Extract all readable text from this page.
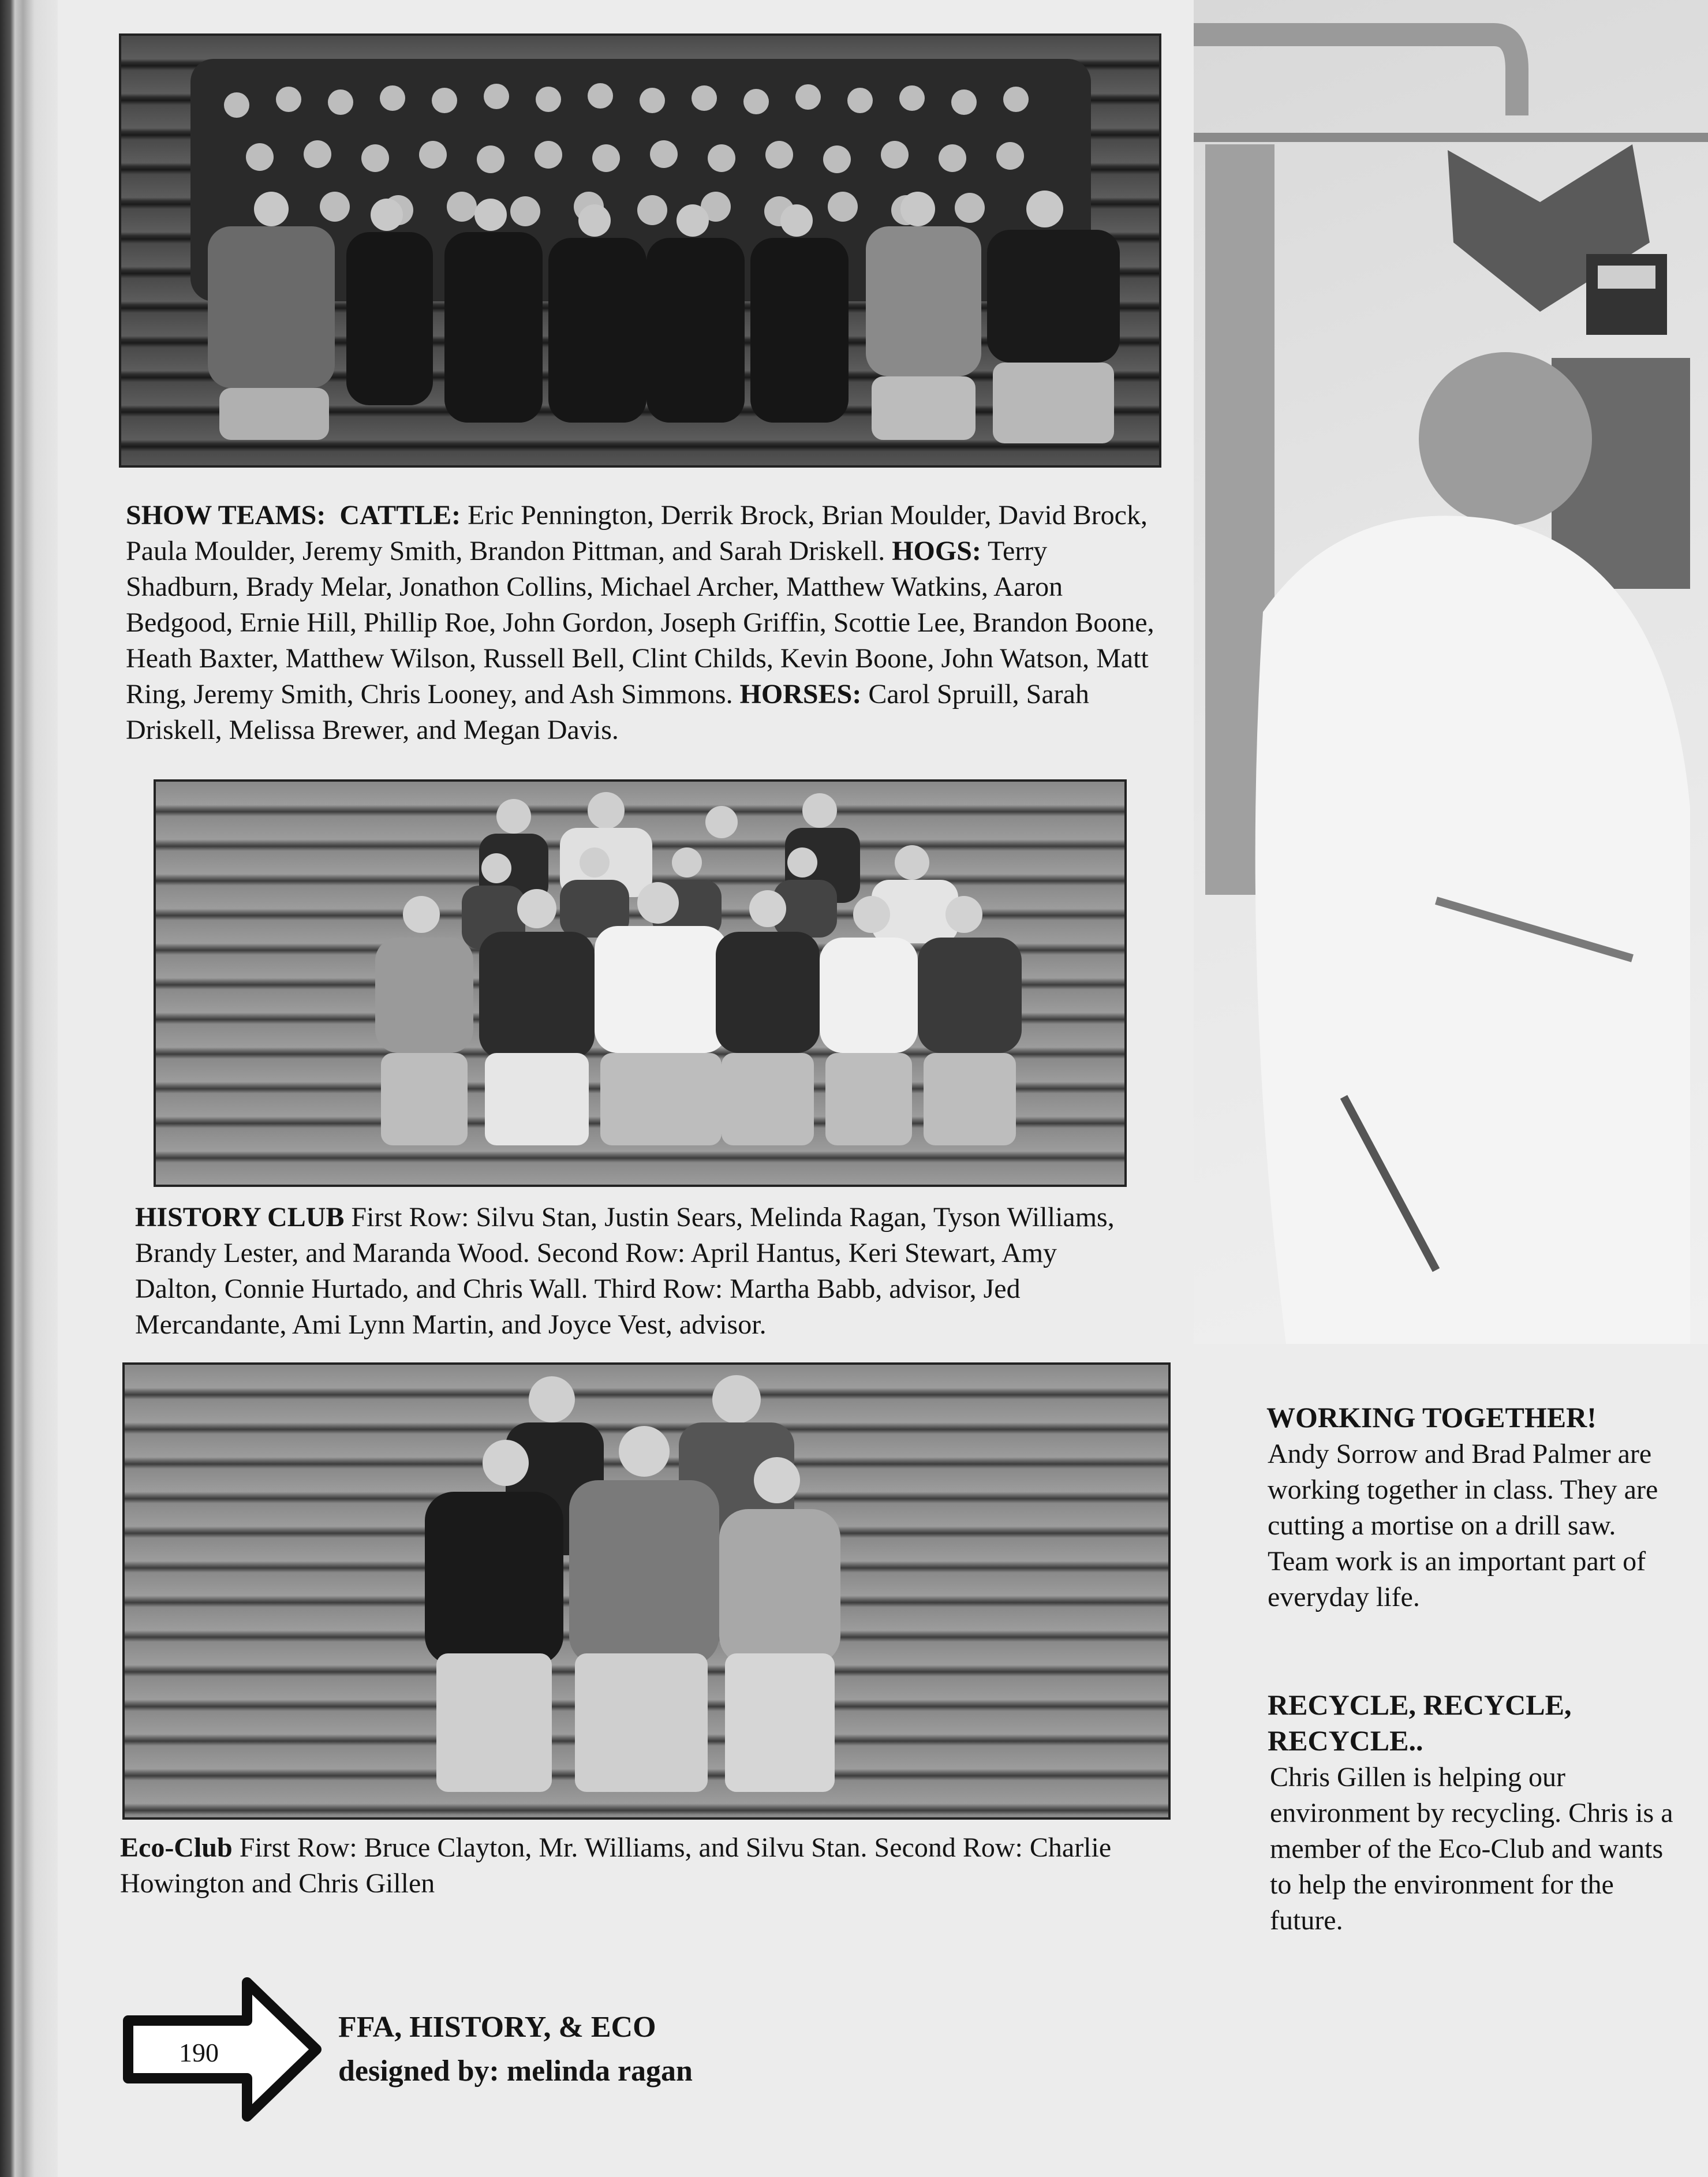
SHOW TEAMS: CATTLE: Eric Pennington, Derrik Brock, Brian Moulder, David Brock, Paula Moulder, Jeremy Smith, Brandon Pittman, and Sarah Driskell. HOGS: Terry Shadburn, Brady Melar, Jonathon Collins, Michael Archer, Matthew Watkins, Aaron Bedgood, Ernie Hill, Phillip Roe, John Gordon, Joseph Griffin, Scottie Lee, Brandon Boone, Heath Baxter, Matthew Wilson, Russell Bell, Clint Childs, Kevin Boone, John Watson, Matt Ring, Jeremy Smith, Chris Looney, and Ash Simmons. HORSES: Carol Spruill, Sarah Driskell, Melissa Brewer, and Megan Davis.

HISTORY CLUB First Row: Silvu Stan, Justin Sears, Melinda Ragan, Tyson Williams, Brandy Lester, and Maranda Wood. Second Row: April Hantus, Keri Stewart, Amy Dalton, Connie Hurtado, and Chris Wall. Third Row: Martha Babb, advisor, Jed Mercandante, Ami Lynn Martin, and Joyce Vest, advisor.

Eco-Club First Row: Bruce Clayton, Mr. Williams, and Silvu Stan. Second Row: Charlie Howington and Chris Gillen

WORKING TOGETHER!
Andy Sorrow and Brad Palmer are working together in class. They are cutting a mortise on a drill saw. Team work is an important part of everyday life.
RECYCLE, RECYCLE, RECYCLE..
Chris Gillen is helping our environment by recycling. Chris is a member of the Eco-Club and wants to help the environment for the future.
190
FFA, HISTORY, & ECO
designed by: melinda ragan
